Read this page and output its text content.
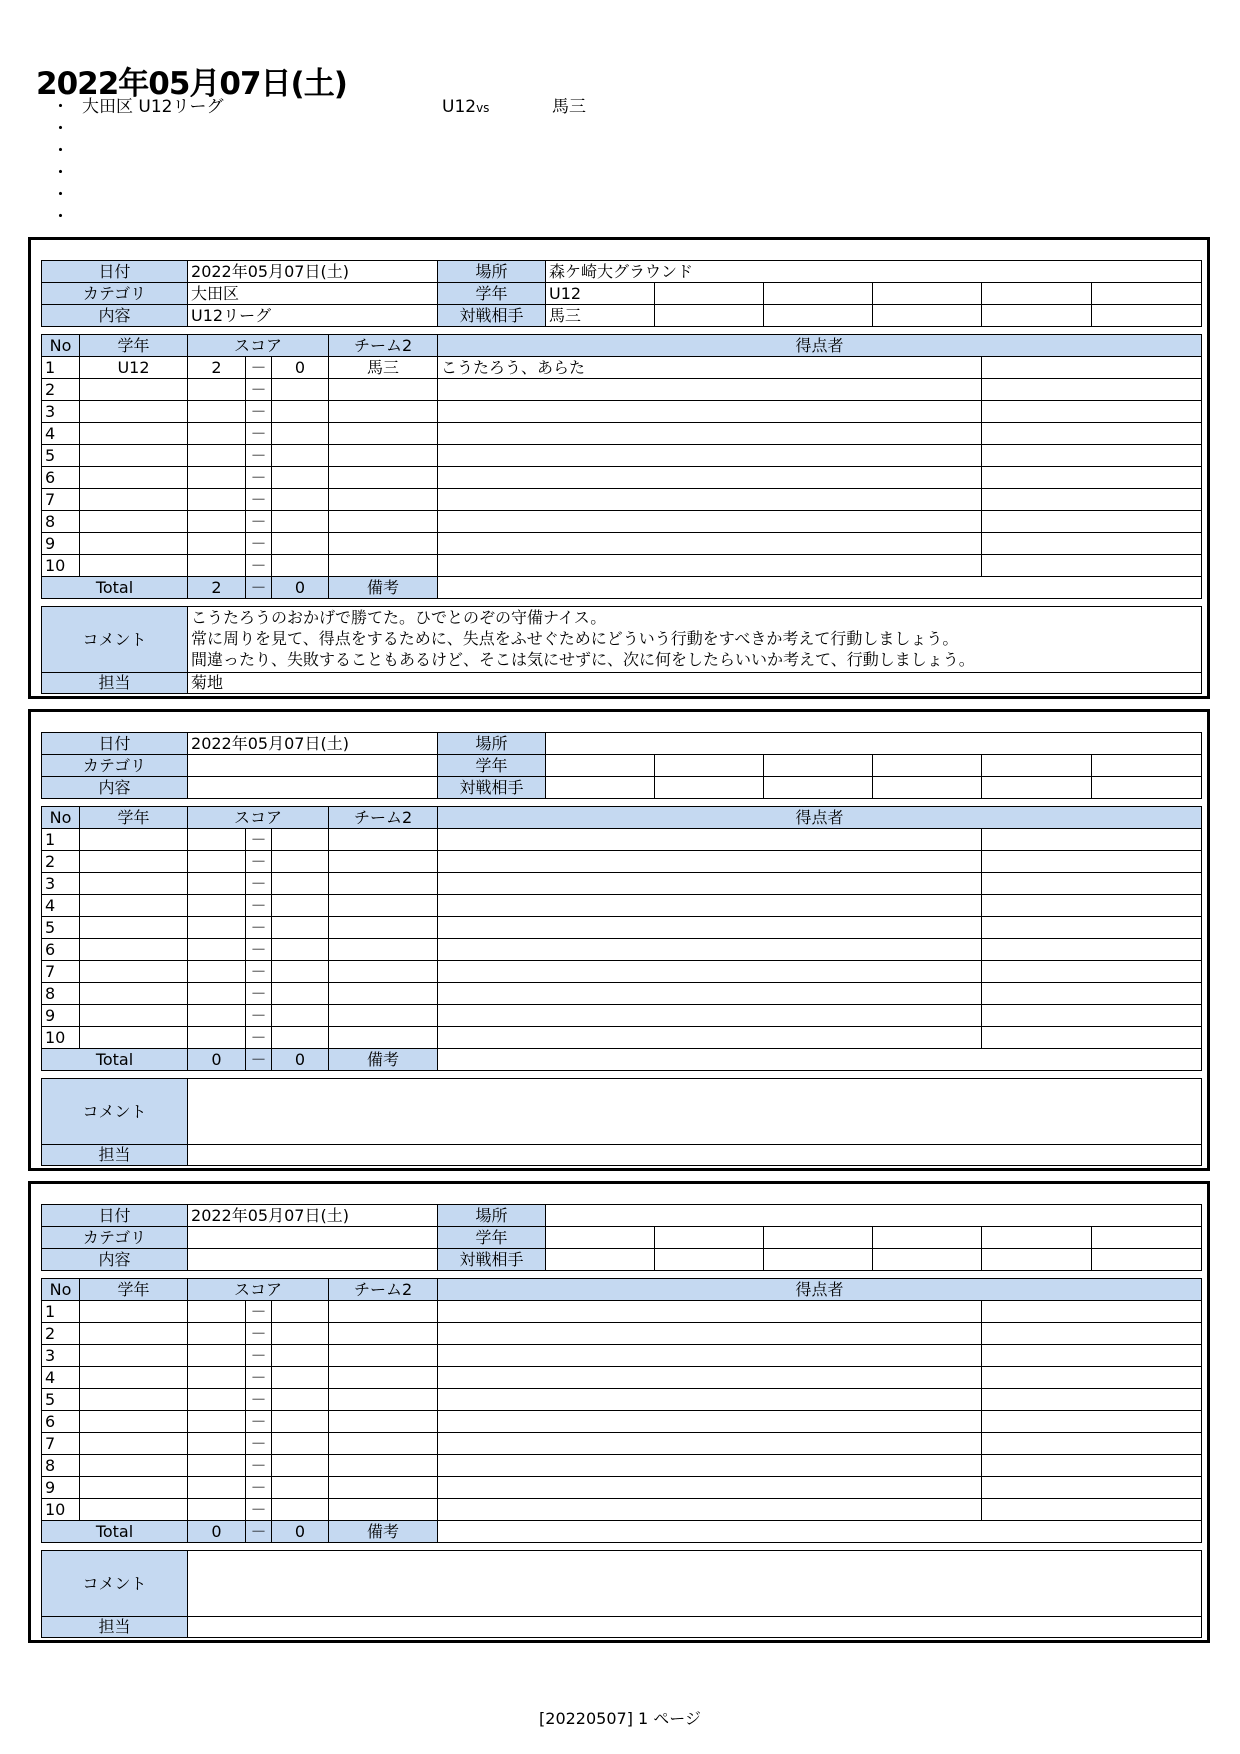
2022年05月07日(土)
・ 大田区 U12リーグ	U12vs	馬三
・
・
・
・
・
日付	2022年05月07日(土)	場所	森ケ崎大グラウンド					
カテゴリ	大田区	学年	U12					
内容	U12リーグ	対戦相手	馬三					
No	学年	スコア			チーム2	得点者	
1	U12	2	－	0	馬三	こうたろう、あらた	
2			－				
3			－				
4			－				
5			－				
6			－				
7			－				
8			－				
9			－				
10			－				
Total		2	－	0	備考		
コメント	こうたろうのおかげで勝てた。ひでとのぞの守備ナイス。
常に周りを見て、得点をするために、失点をふせぐためにどういう行動をすべきか考えて行動しましょう。
間違ったり、失敗することもあるけど、そこは気にせずに、次に何をしたらいいか考えて、行動しましょう。

担当	菊地
日付	2022年05月07日(土)	場所						
カテゴリ		学年						
内容		対戦相手						
No	学年	スコア			チーム2	得点者	
1			－				
2			－				
3			－				
4			－				
5			－				
6			－				
7			－				
8			－				
9			－				
10			－				
Total		0	－	0	備考		
コメント	

担当	
日付	2022年05月07日(土)	場所						
カテゴリ		学年						
内容		対戦相手						
No	学年	スコア			チーム2	得点者	
1			－				
2			－				
3			－				
4			－				
5			－				
6			－				
7			－				
8			－				
9			－				
10			－				
Total		0	－	0	備考		
コメント	

担当	
[20220507] 1 ページ
